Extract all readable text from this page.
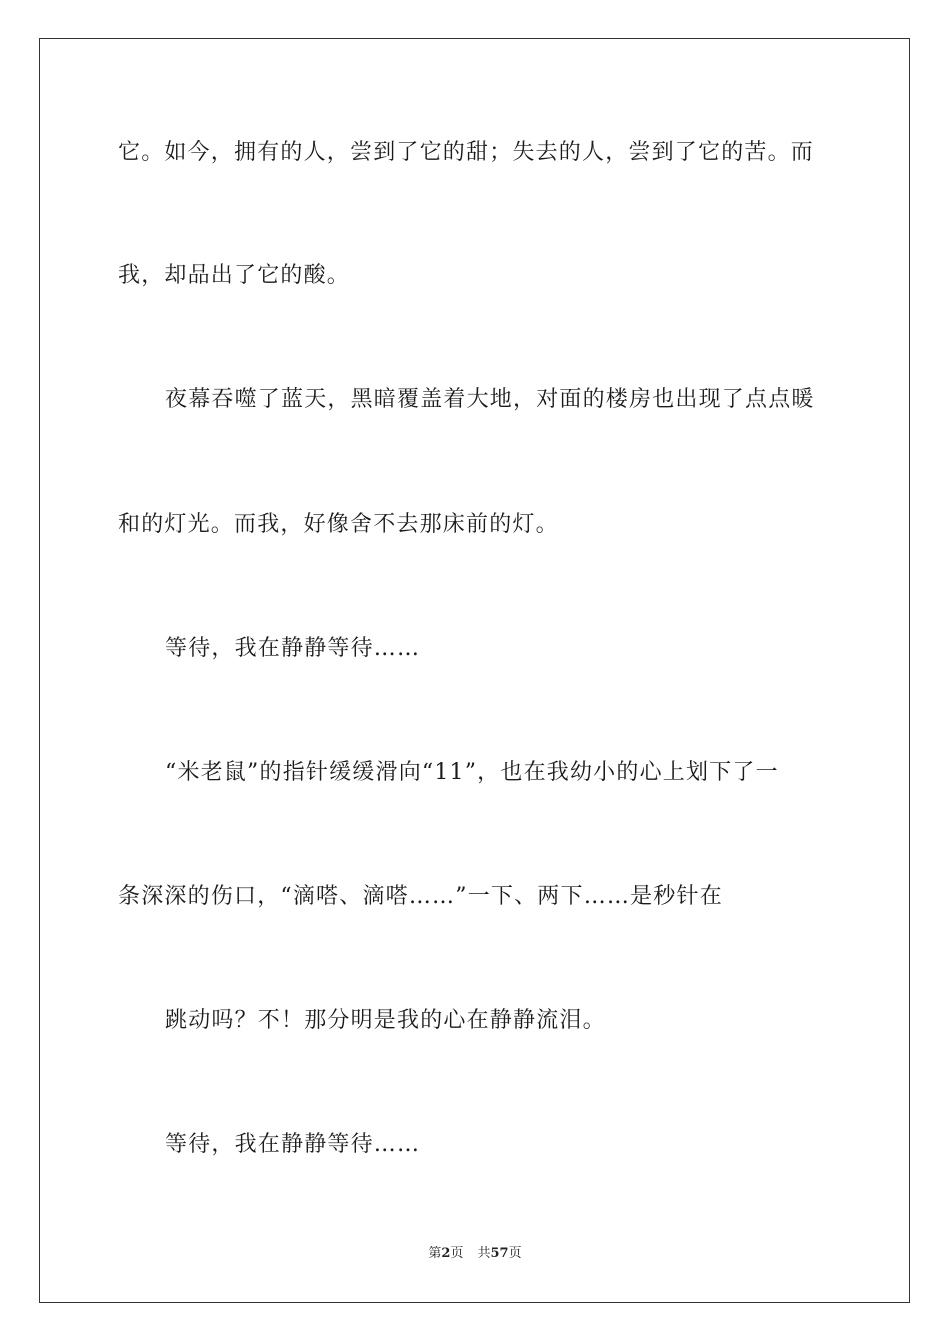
它。如今，拥有的人，尝到了它的甜；失去的人，尝到了它的苦。而
我，却品出了它的酸。
夜幕吞噬了蓝天，黑暗覆盖着大地，对面的楼房也出现了点点暖
和的灯光。而我，好像舍不去那床前的灯。
等待，我在静静等待……
“米老鼠”的指针缓缓滑向“11”，也在我幼小的心上划下了一
条深深的伤口，“滴嗒、滴嗒……”一下、两下……是秒针在
跳动吗？不！那分明是我的心在静静流泪。
等待，我在静静等待……
第2页 共57页
